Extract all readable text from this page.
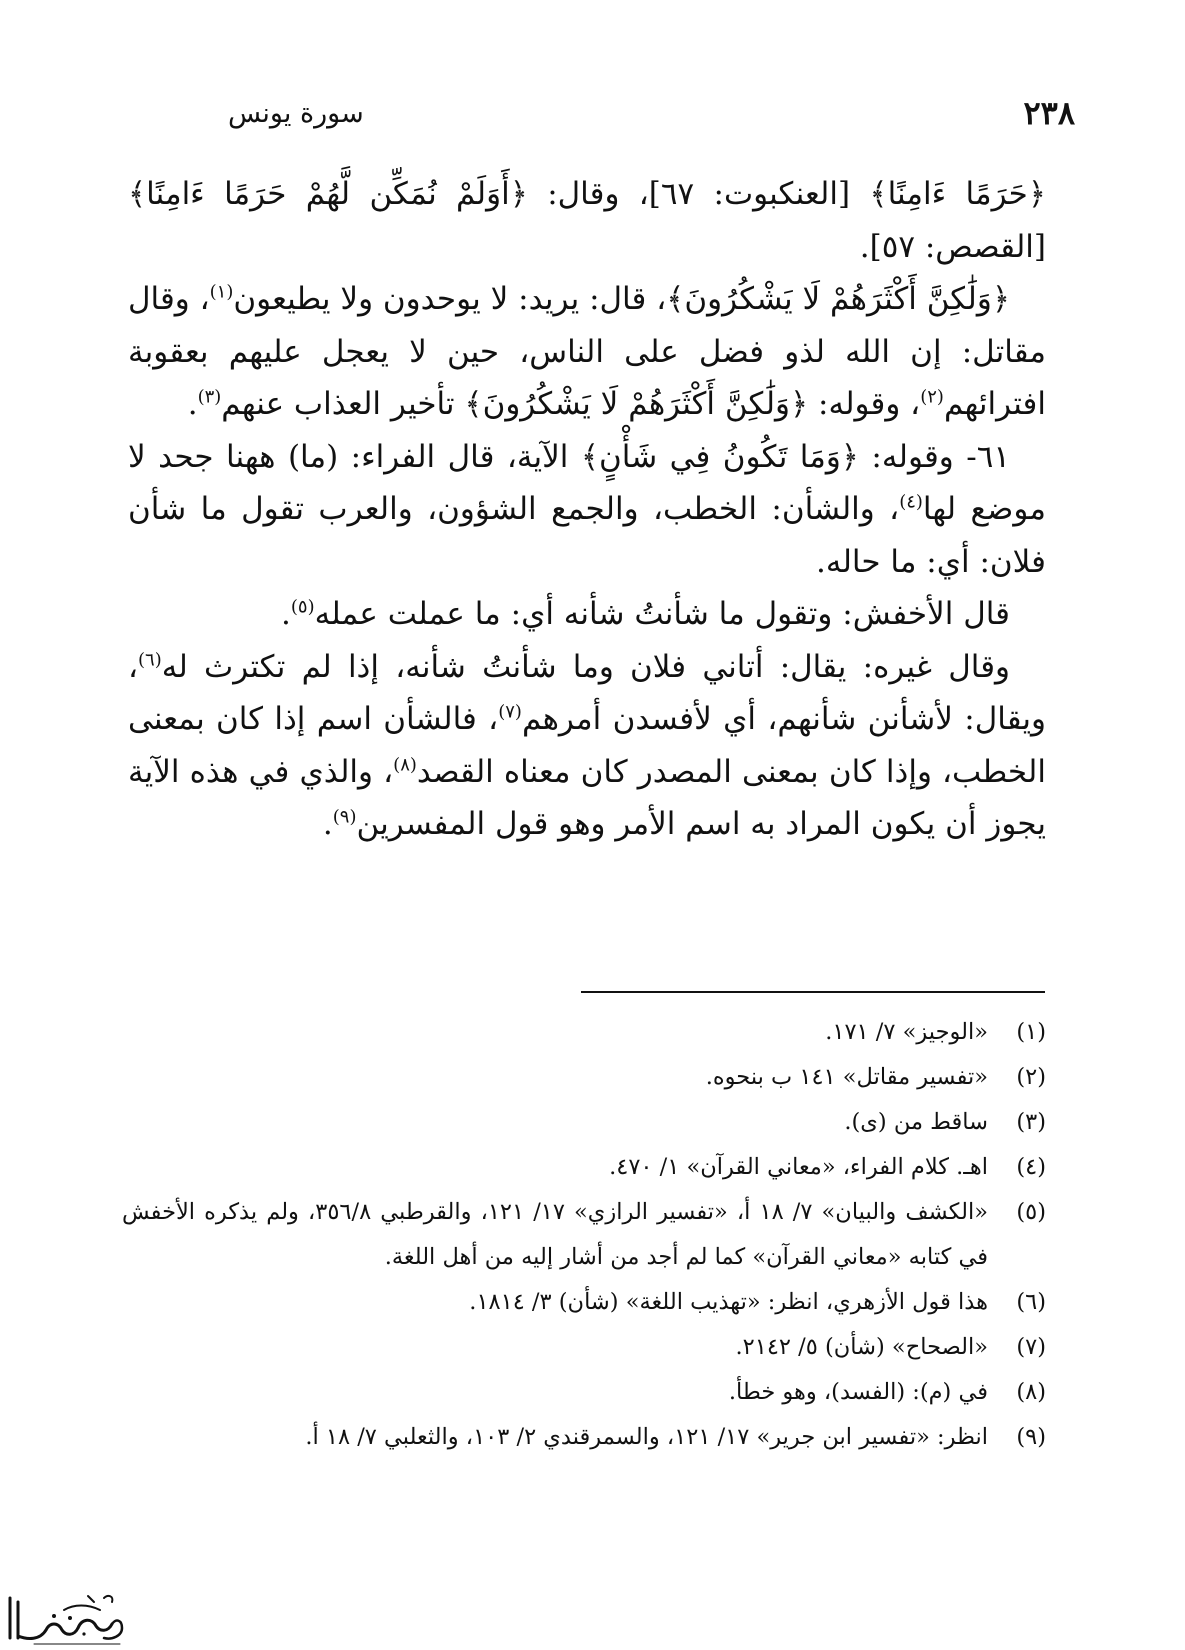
٢٣٨
سورة يونس

﴿حَرَمًا ءَامِنًا﴾ [العنكبوت: ٦٧]، وقال: ﴿أَوَلَمْ نُمَكِّن لَّهُمْ حَرَمًا ءَامِنًا﴾ [القصص: ٥٧].

﴿وَلَٰكِنَّ أَكْثَرَهُمْ لَا يَشْكُرُونَ﴾، قال: يريد: لا يوحدون ولا يطيعون$^{(١)}$، وقال مقاتل: إن الله لذو فضل على الناس، حين لا يعجل عليهم بعقوبة افترائهم$^{(٢)}$، وقوله: ﴿وَلَٰكِنَّ أَكْثَرَهُمْ لَا يَشْكُرُونَ﴾ تأخير العذاب عنهم$^{(٣)}$.

٦١- وقوله: ﴿وَمَا تَكُونُ فِي شَأْنٍ﴾ الآية، قال الفراء: (ما) ههنا جحد لا موضع لها$^{(٤)}$، والشأن: الخطب، والجمع الشؤون، والعرب تقول ما شأن فلان: أي: ما حاله.

قال الأخفش: وتقول ما شأنتُ شأنه أي: ما عملت عمله$^{(٥)}$.

وقال غيره: يقال: أتاني فلان وما شأنتُ شأنه، إذا لم تكترث له$^{(٦)}$، ويقال: لأشأنن شأنهم، أي لأفسدن أمرهم$^{(٧)}$، فالشأن اسم إذا كان بمعنى الخطب، وإذا كان بمعنى المصدر كان معناه القصد$^{(٨)}$، والذي في هذه الآية يجوز أن يكون المراد به اسم الأمر وهو قول المفسرين$^{(٩)}$.

(١)
«الوجيز» ٧/ ١٧١.
(٢)
«تفسير مقاتل» ١٤١ ب بنحوه.
(٣)
ساقط من (ى).
(٤)
اهـ. كلام الفراء، «معاني القرآن» ١/ ٤٧٠.
(٥)
«الكشف والبيان» ٧/ ١٨ أ، «تفسير الرازي» ١٧/ ١٢١، والقرطبي ٣٥٦/٨، ولم يذكره الأخفش في كتابه «معاني القرآن» كما لم أجد من أشار إليه من أهل اللغة.
(٦)
هذا قول الأزهري، انظر: «تهذيب اللغة» (شأن) ٣/ ١٨١٤.
(٧)
«الصحاح» (شأن) ٥/ ٢١٤٢.
(٨)
في (م): (الفسد)، وهو خطأ.
(٩)
انظر: «تفسير ابن جرير» ١٧/ ١٢١، والسمرقندي ٢/ ١٠٣، والثعلبي ٧/ ١٨ أ.
